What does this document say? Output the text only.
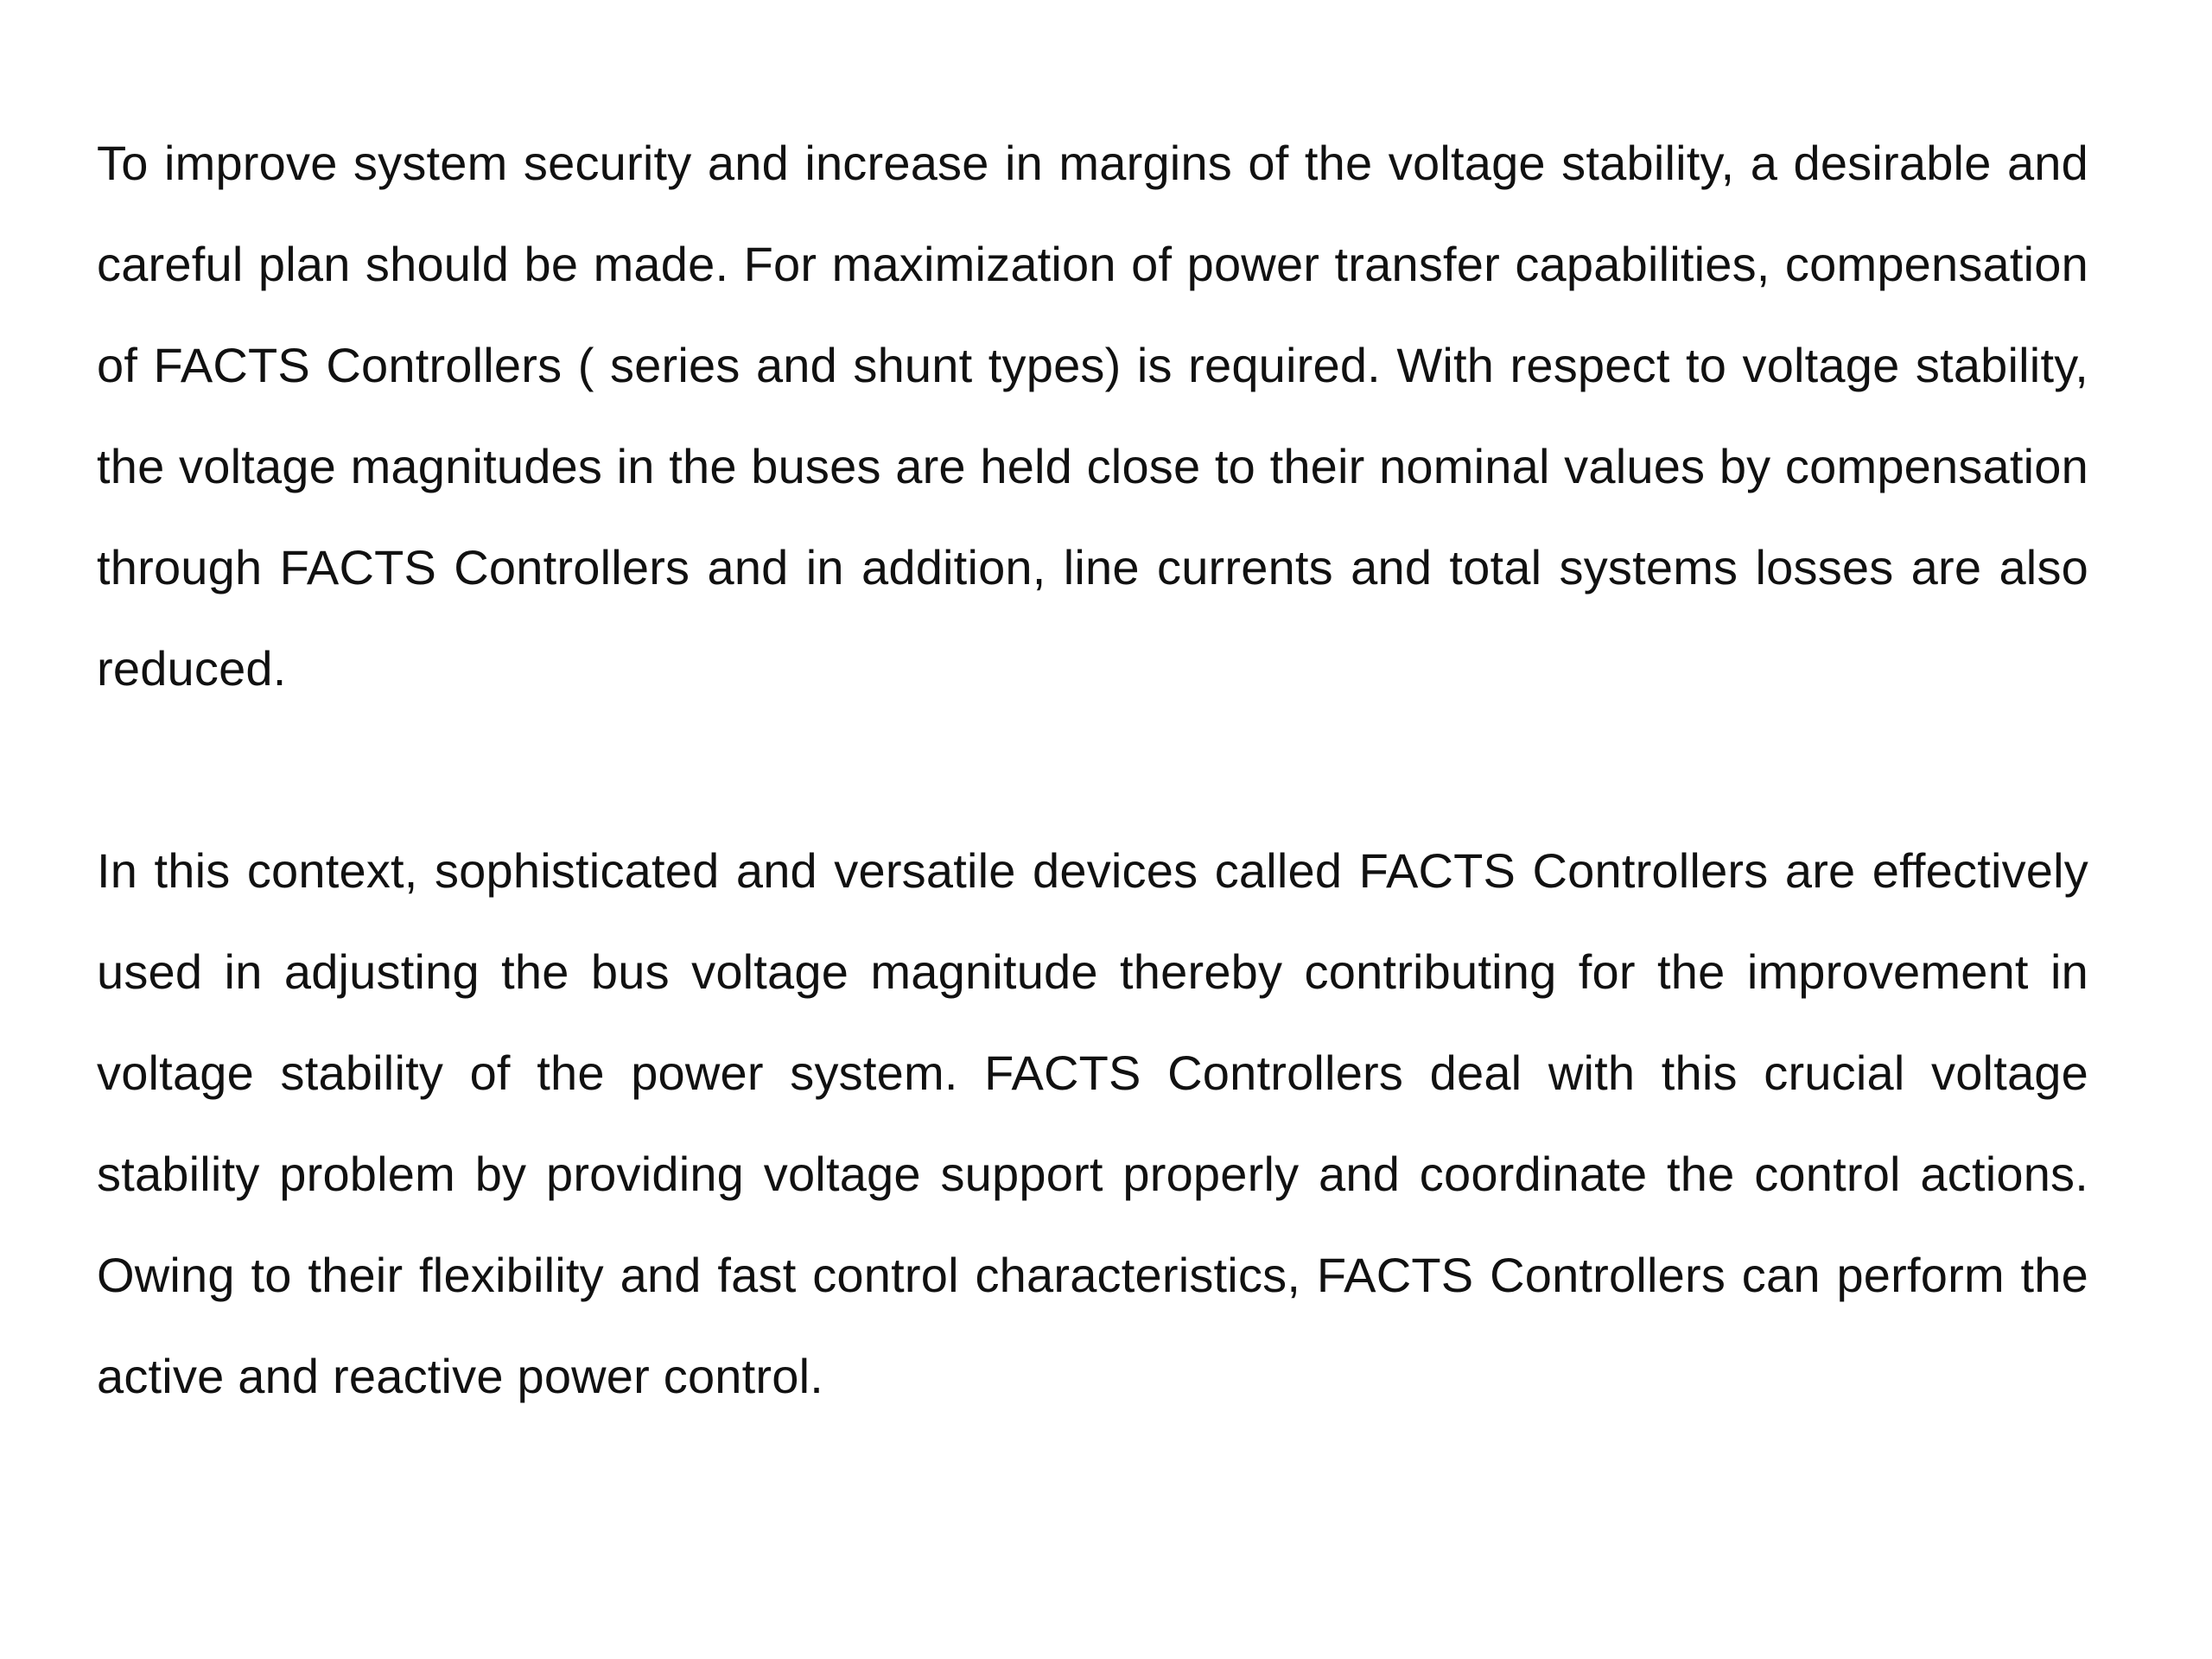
To improve system security and increase in margins of the voltage stability, a desirable and careful plan should be made. For maximization of power transfer capabilities, compensation of FACTS Controllers ( series and shunt types) is required. With respect to voltage stability, the voltage magnitudes in the buses are held close to their nominal values by compensation through FACTS Controllers and in addition, line currents and total systems losses are also reduced.

In this context, sophisticated and versatile devices called FACTS Controllers are effectively used in adjusting the bus voltage magnitude thereby contributing for the improvement in voltage stability of the power system. FACTS Controllers deal with this crucial voltage stability problem by providing voltage support properly and coordinate the control actions. Owing to their flexibility and fast control characteristics, FACTS Controllers can perform the active and reactive power control.
